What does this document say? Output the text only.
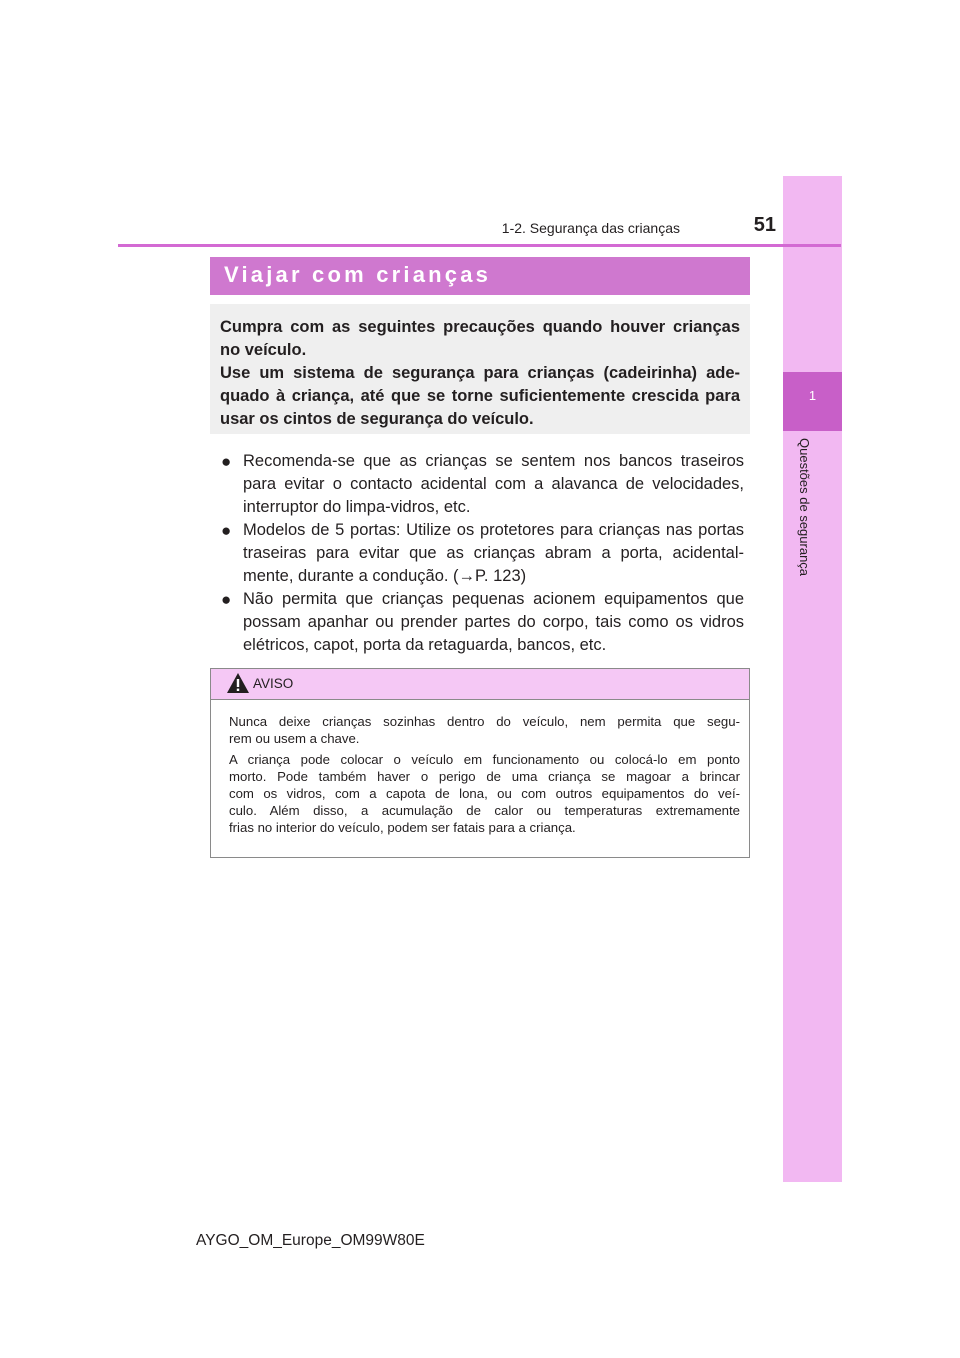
1
Questões de segurança
1-2. Segurança das crianças	51
Viajar com crianças
Cumpra com as seguintes precauções quando houver crianças
no veículo.
Use um sistema de segurança para crianças (cadeirinha) ade-
quado à criança, até que se torne suficientemente crescida para
usar os cintos de segurança do veículo.
● Recomenda-se que as crianças se sentem nos bancos traseiros
para evitar o contacto acidental com a alavanca de velocidades,
interruptor do limpa-vidros, etc.
● Modelos de 5 portas: Utilize os protetores para crianças nas portas
traseiras para evitar que as crianças abram a porta, acidental-
mente, durante a condução. (→P. 123)
● Não permita que crianças pequenas acionem equipamentos que
possam apanhar ou prender partes do corpo, tais como os vidros
elétricos, capot, porta da retaguarda, bancos, etc.
AVISO
Nunca deixe crianças sozinhas dentro do veículo, nem permita que segu-
rem ou usem a chave.
A criança pode colocar o veículo em funcionamento ou colocá-lo em ponto
morto. Pode também haver o perigo de uma criança se magoar a brincar
com os vidros, com a capota de lona, ou com outros equipamentos do veí-
culo. Além disso, a acumulação de calor ou temperaturas extremamente
frias no interior do veículo, podem ser fatais para a criança.
AYGO_OM_Europe_OM99W80E
